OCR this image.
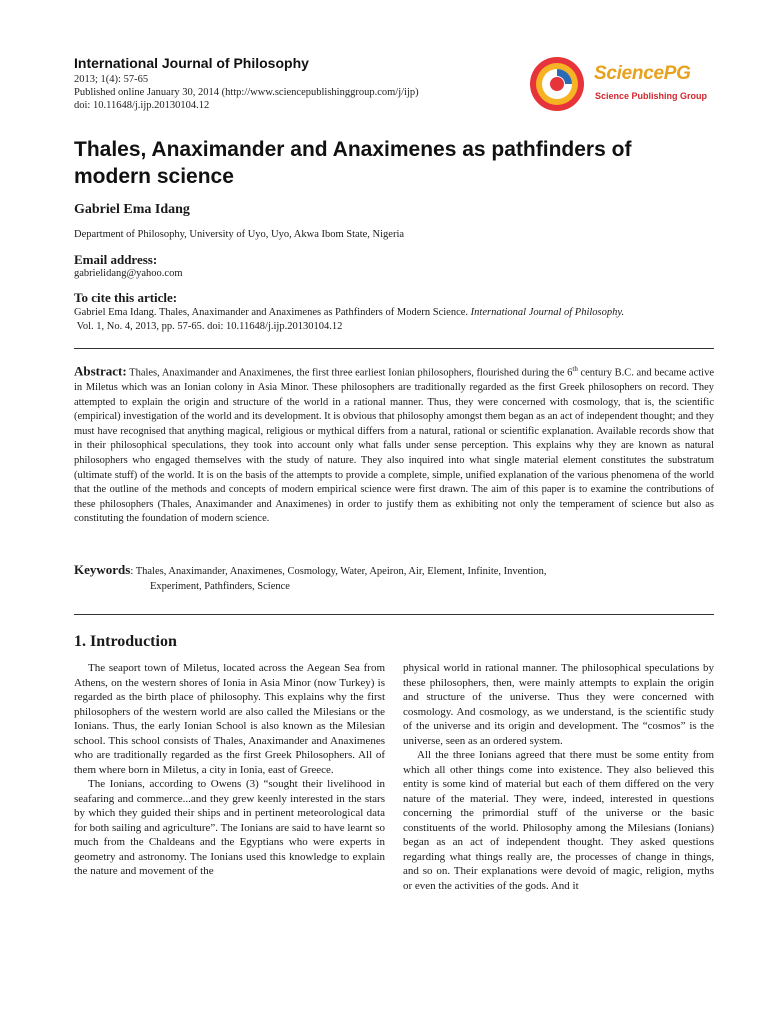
International Journal of Philosophy
2013; 1(4): 57-65
Published online January 30, 2014 (http://www.sciencepublishinggroup.com/j/ijp)
doi: 10.11648/j.ijp.20130104.12
SciencePG
Science Publishing Group
Thales, Anaximander and Anaximenes as pathfinders of modern science
Gabriel Ema Idang
Department of Philosophy, University of Uyo, Uyo, Akwa Ibom State, Nigeria
Email address:
gabrielidang@yahoo.com
To cite this article:
Gabriel Ema Idang. Thales, Anaximander and Anaximenes as Pathfinders of Modern Science. International Journal of Philosophy.
Vol. 1, No. 4, 2013, pp. 57-65. doi: 10.11648/j.ijp.20130104.12
Abstract: Thales, Anaximander and Anaximenes, the first three earliest Ionian philosophers, flourished during the 6th century B.C. and became active in Miletus which was an Ionian colony in Asia Minor. These philosophers are traditionally regarded as the first Greek philosophers on record. They attempted to explain the origin and structure of the world in a rational manner. Thus, they were concerned with cosmology, that is, the scientific (empirical) investigation of the world and its development. It is obvious that philosophy amongst them began as an act of independent thought; and they must have recognised that anything magical, religious or mythical differs from a natural, rational or scientific explanation. Available records show that in their philosophical speculations, they took into account only what falls under sense perception. This explains why they are known as natural philosophers who engaged themselves with the study of nature. They also inquired into what single material element constitutes the substratum (ultimate stuff) of the world. It is on the basis of the attempts to provide a complete, simple, unified explanation of the various phenomena of the world that the outline of the methods and concepts of modern empirical science were first drawn. The aim of this paper is to examine the contributions of these philosophers (Thales, Anaximander and Anaximenes) in order to justify them as exhibiting not only the temperament of science but also as constituting the foundation of modern science.
Keywords: Thales, Anaximander, Anaximenes, Cosmology, Water, Apeiron, Air, Element, Infinite, Invention,
Experiment, Pathfinders, Science
1. Introduction

The seaport town of Miletus, located across the Aegean Sea from Athens, on the western shores of Ionia in Asia Minor (now Turkey) is regarded as the birth place of philosophy. This explains why the first philosophers of the western world are also called the Milesians or the Ionians. Thus, the early Ionian School is also known as the Milesian school. This school consists of Thales, Anaximander and Anaximenes who are traditionally regarded as the first Greek Philosophers. All of them where born in Miletus, a city in Ionia, east of Greece.

The Ionians, according to Owens (3) “sought their livelihood in seafaring and commerce...and they grew keenly interested in the stars by which they guided their ships and in pertinent meteorological data for both sailing and agriculture”. The Ionians are said to have learnt so much from the Chaldeans and the Egyptians who were experts in geometry and astronomy. The Ionians used this knowledge to explain the nature and movement of the

physical world in rational manner. The philosophical speculations by these philosophers, then, were mainly attempts to explain the origin and structure of the universe. Thus they were concerned with cosmology. And cosmology, as we understand, is the scientific study of the universe and its origin and development. The “cosmos” is the universe, seen as an ordered system.

All the three Ionians agreed that there must be some entity from which all other things come into existence. They also believed this entity is some kind of material but each of them differed on the very nature of the material. They were, indeed, interested in questions concerning the primordial stuff of the universe or the basic constituents of the world. Philosophy among the Milesians (Ionians) began as an act of independent thought. They asked questions regarding what things really are, the processes of change in things, and so on. Their explanations were devoid of magic, religion, myths or even the activities of the gods. And it
